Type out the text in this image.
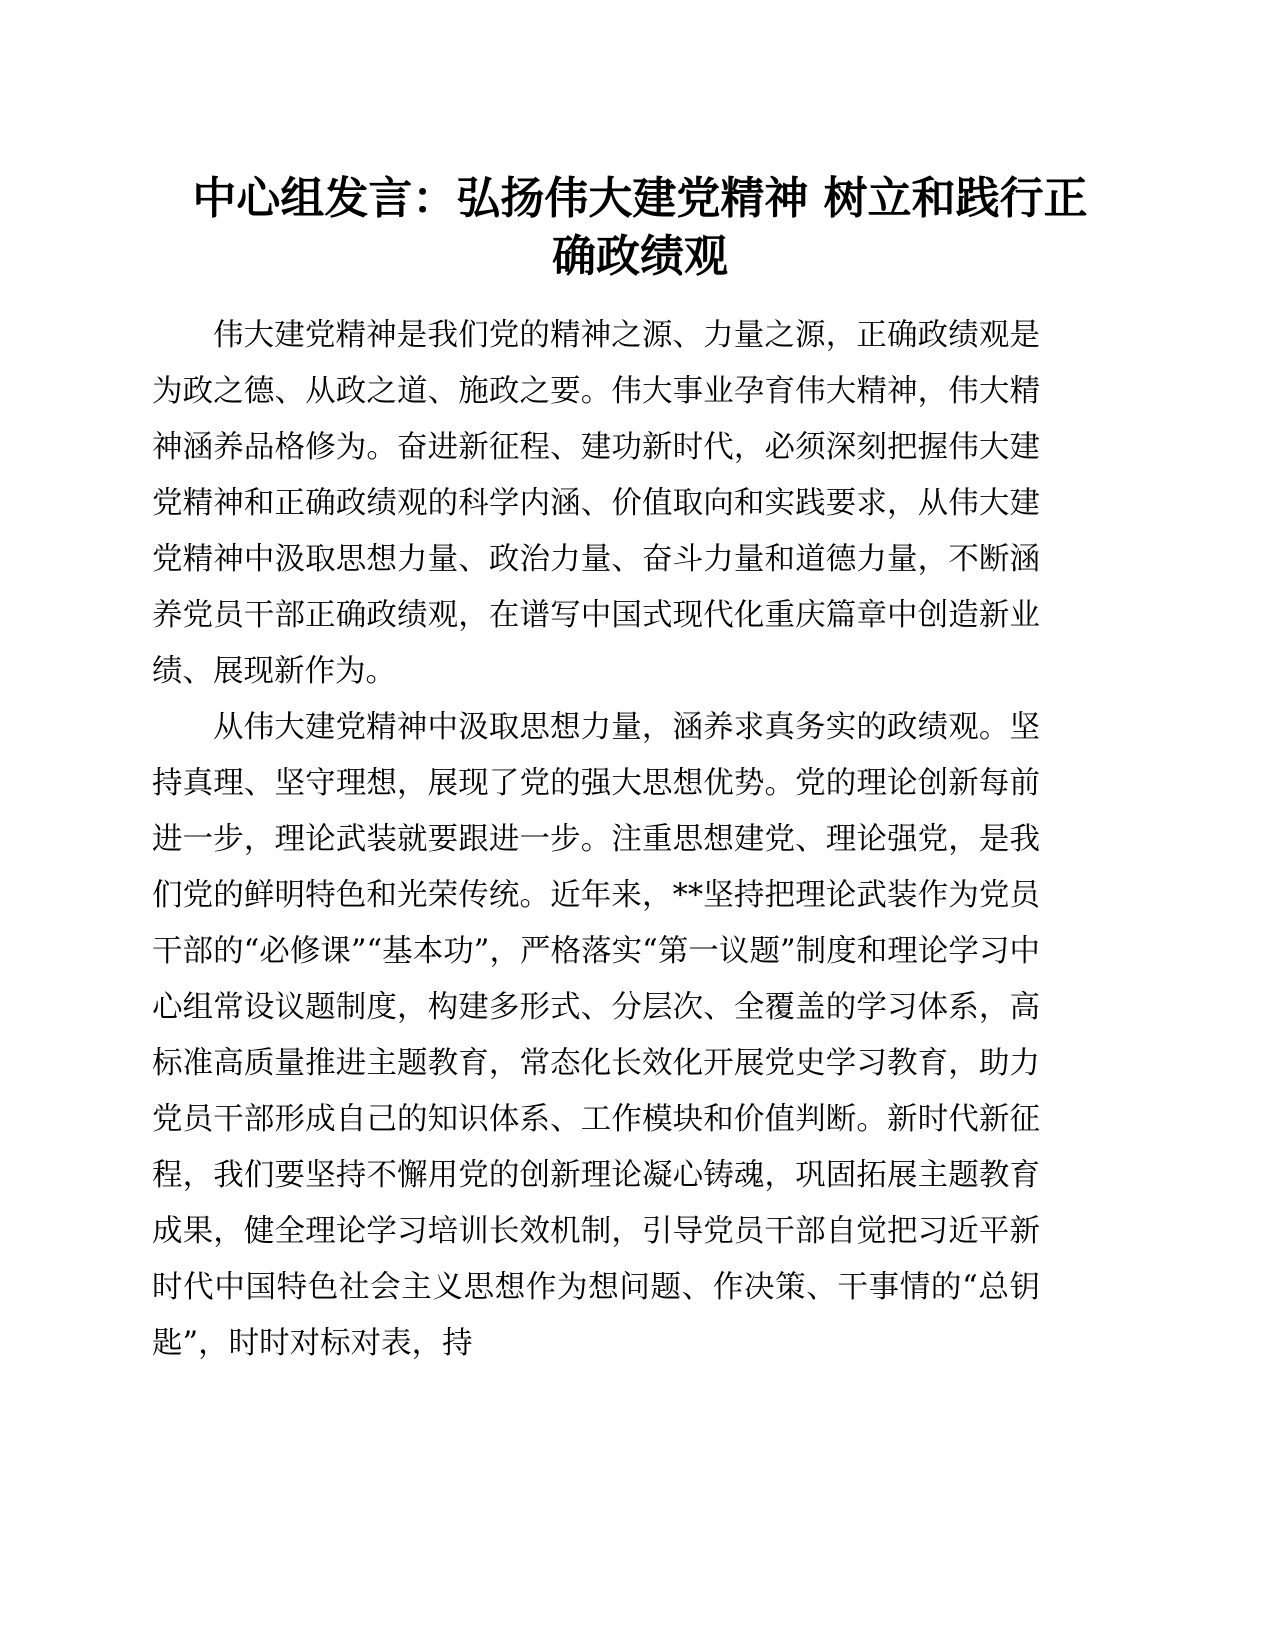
中心组发言：弘扬伟大建党精神 树立和践行正
确政绩观

伟大建党精神是我们党的精神之源、力量之源，正确政绩观是为政之德、从政之道、施政之要。伟大事业孕育伟大精神，伟大精神涵养品格修为。奋进新征程、建功新时代，必须深刻把握伟大建党精神和正确政绩观的科学内涵、价值取向和实践要求，从伟大建党精神中汲取思想力量、政治力量、奋斗力量和道德力量，不断涵养党员干部正确政绩观，在谱写中国式现代化重庆篇章中创造新业绩、展现新作为。

从伟大建党精神中汲取思想力量，涵养求真务实的政绩观。坚持真理、坚守理想，展现了党的强大思想优势。党的理论创新每前进一步，理论武装就要跟进一步。注重思想建党、理论强党，是我们党的鲜明特色和光荣传统。近年来，**坚持把理论武装作为党员干部的“必修课”“基本功”，严格落实“第一议题”制度和理论学习中心组常设议题制度，构建多形式、分层次、全覆盖的学习体系，高标准高质量推进主题教育，常态化长效化开展党史学习教育，助力党员干部形成自己的知识体系、工作模块和价值判断。新时代新征程，我们要坚持不懈用党的创新理论凝心铸魂，巩固拓展主题教育成果，健全理论学习培训长效机制，引导党员干部自觉把习近平新时代中国特色社会主义思想作为想问题、作决策、干事情的“总钥匙”，时时对标对表，持
